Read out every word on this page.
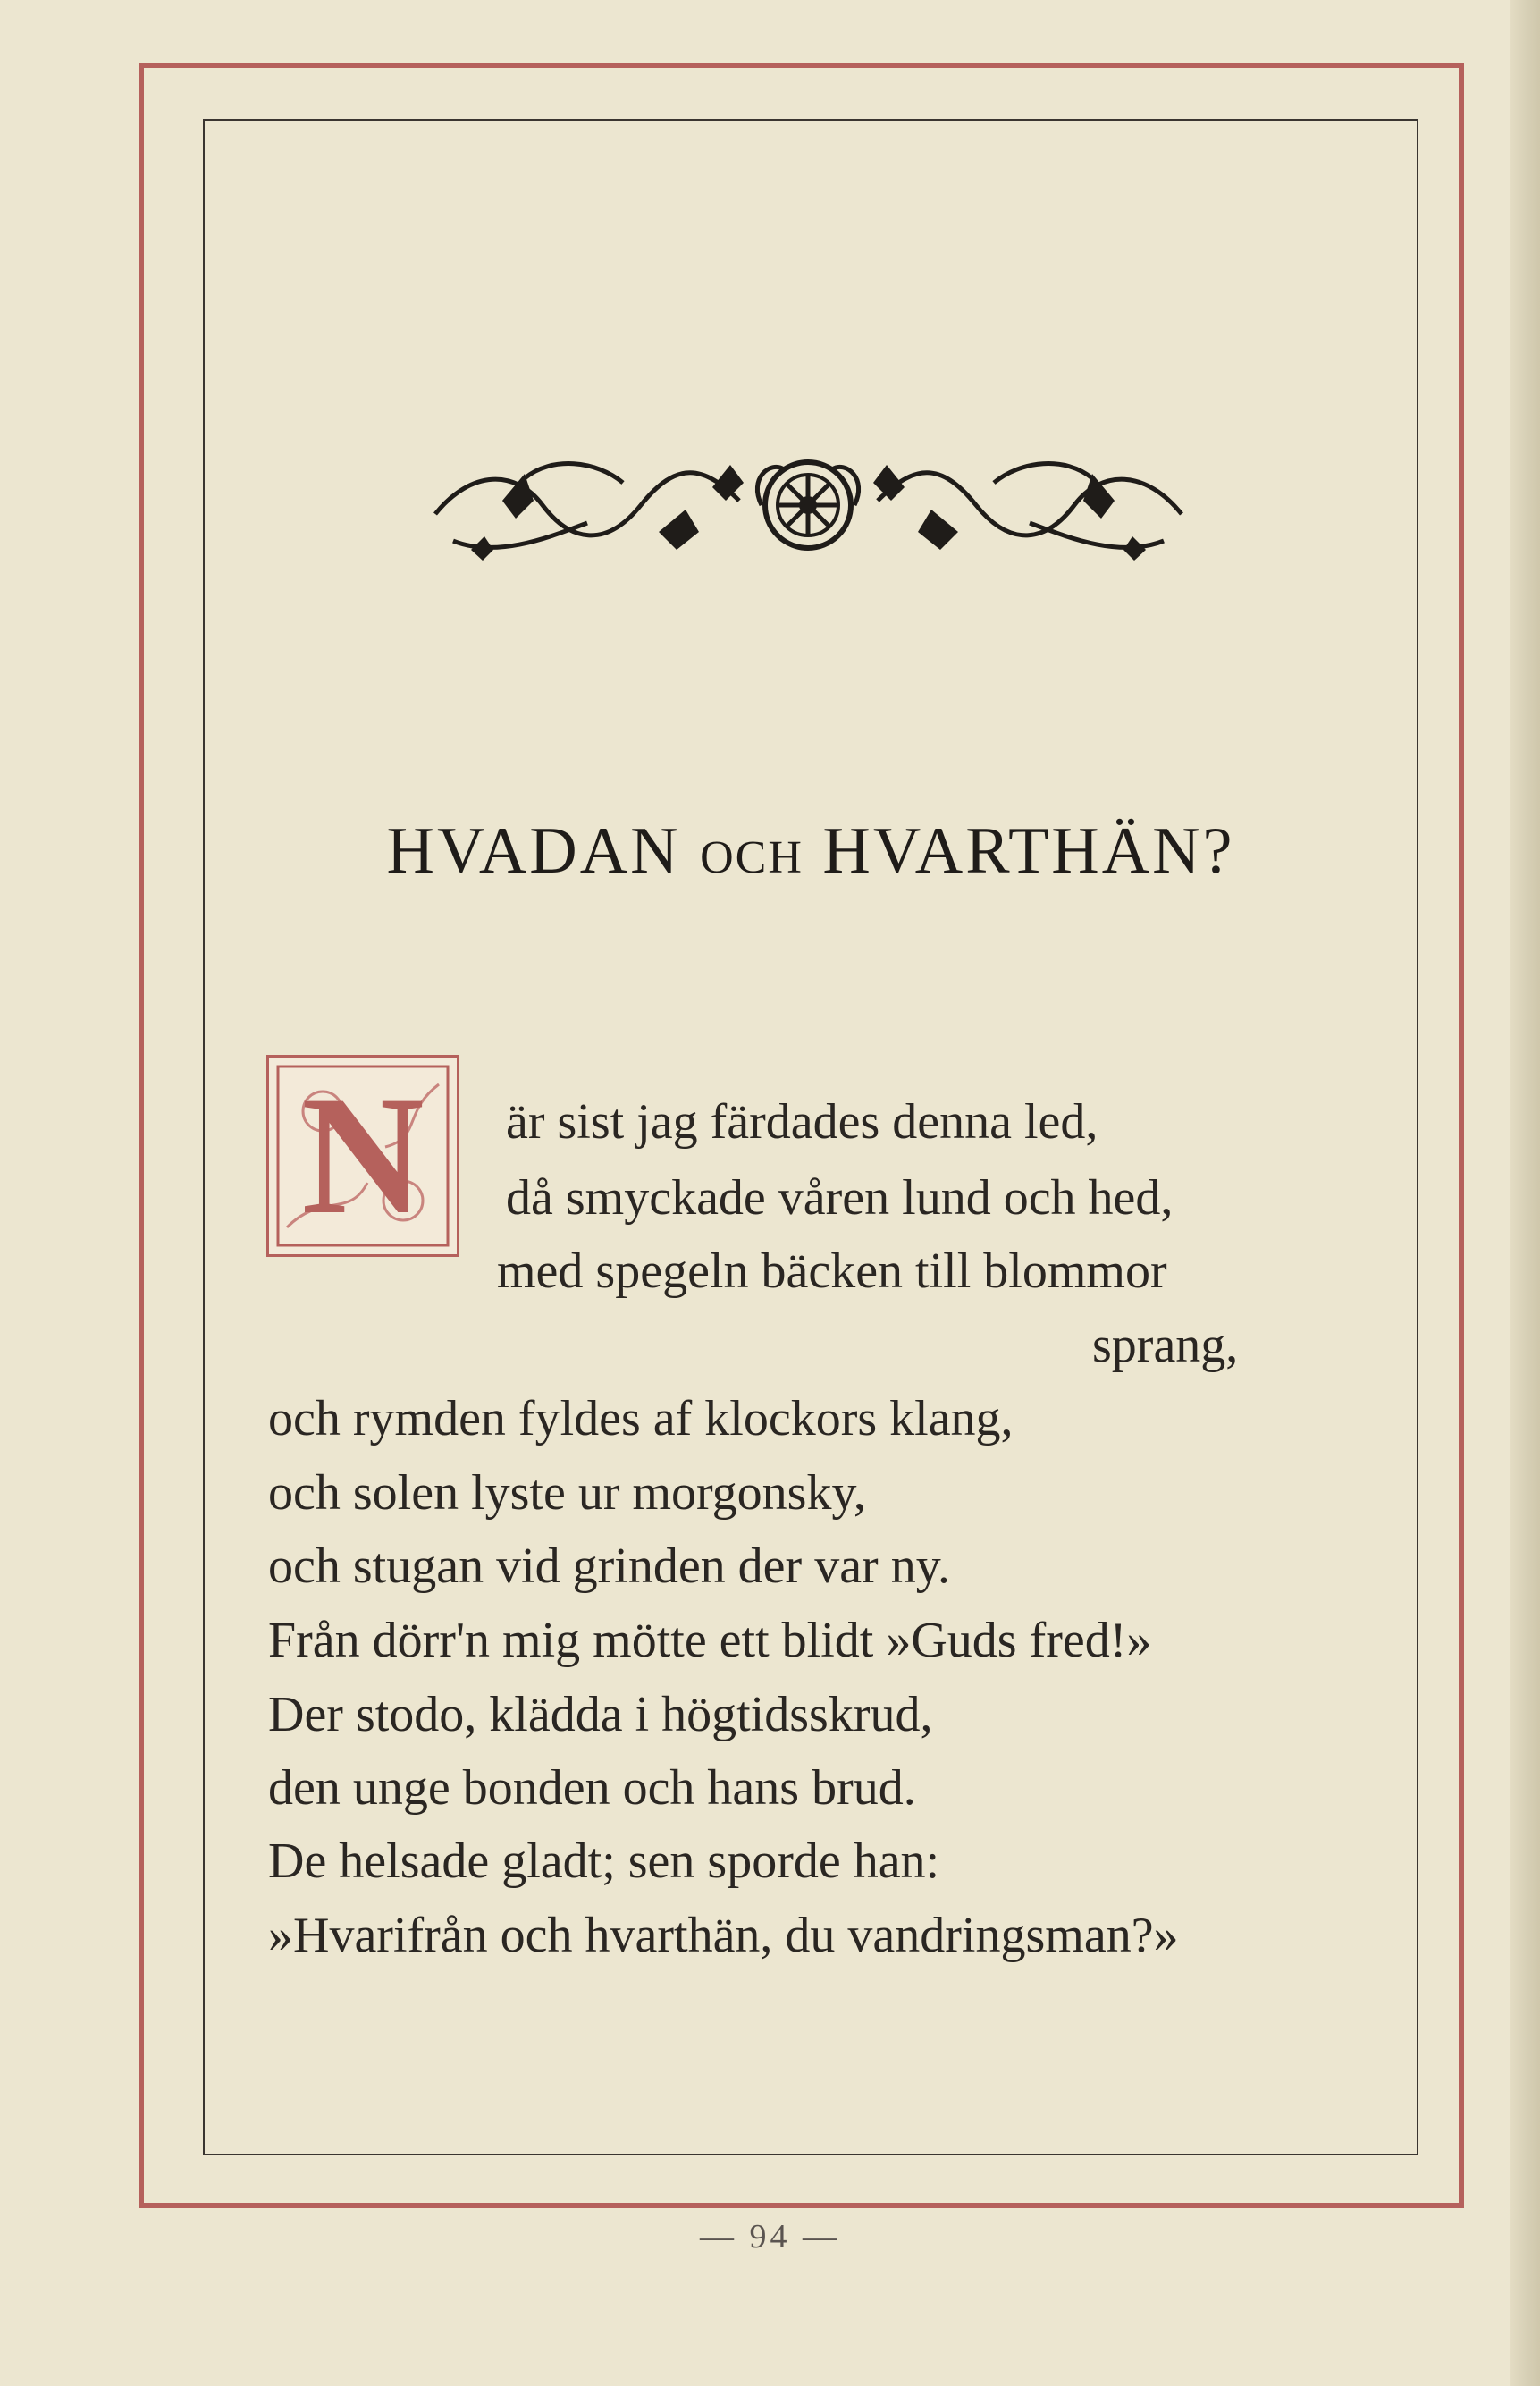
HVADAN OCH HVARTHÄN?
N	är sist jag färdades denna led,
då smyckade våren lund och hed,
med spegeln bäcken till blommor
sprang,
och rymden fyldes af klockors klang,
och solen lyste ur morgonsky,
och stugan vid grinden der var ny.
Från dörr'n mig mötte ett blidt »Guds fred!»
Der stodo, klädda i högtidsskrud,
den unge bonden och hans brud.
De helsade gladt; sen sporde han:
»Hvarifrån och hvarthän, du vandringsman?»
— 94 —
